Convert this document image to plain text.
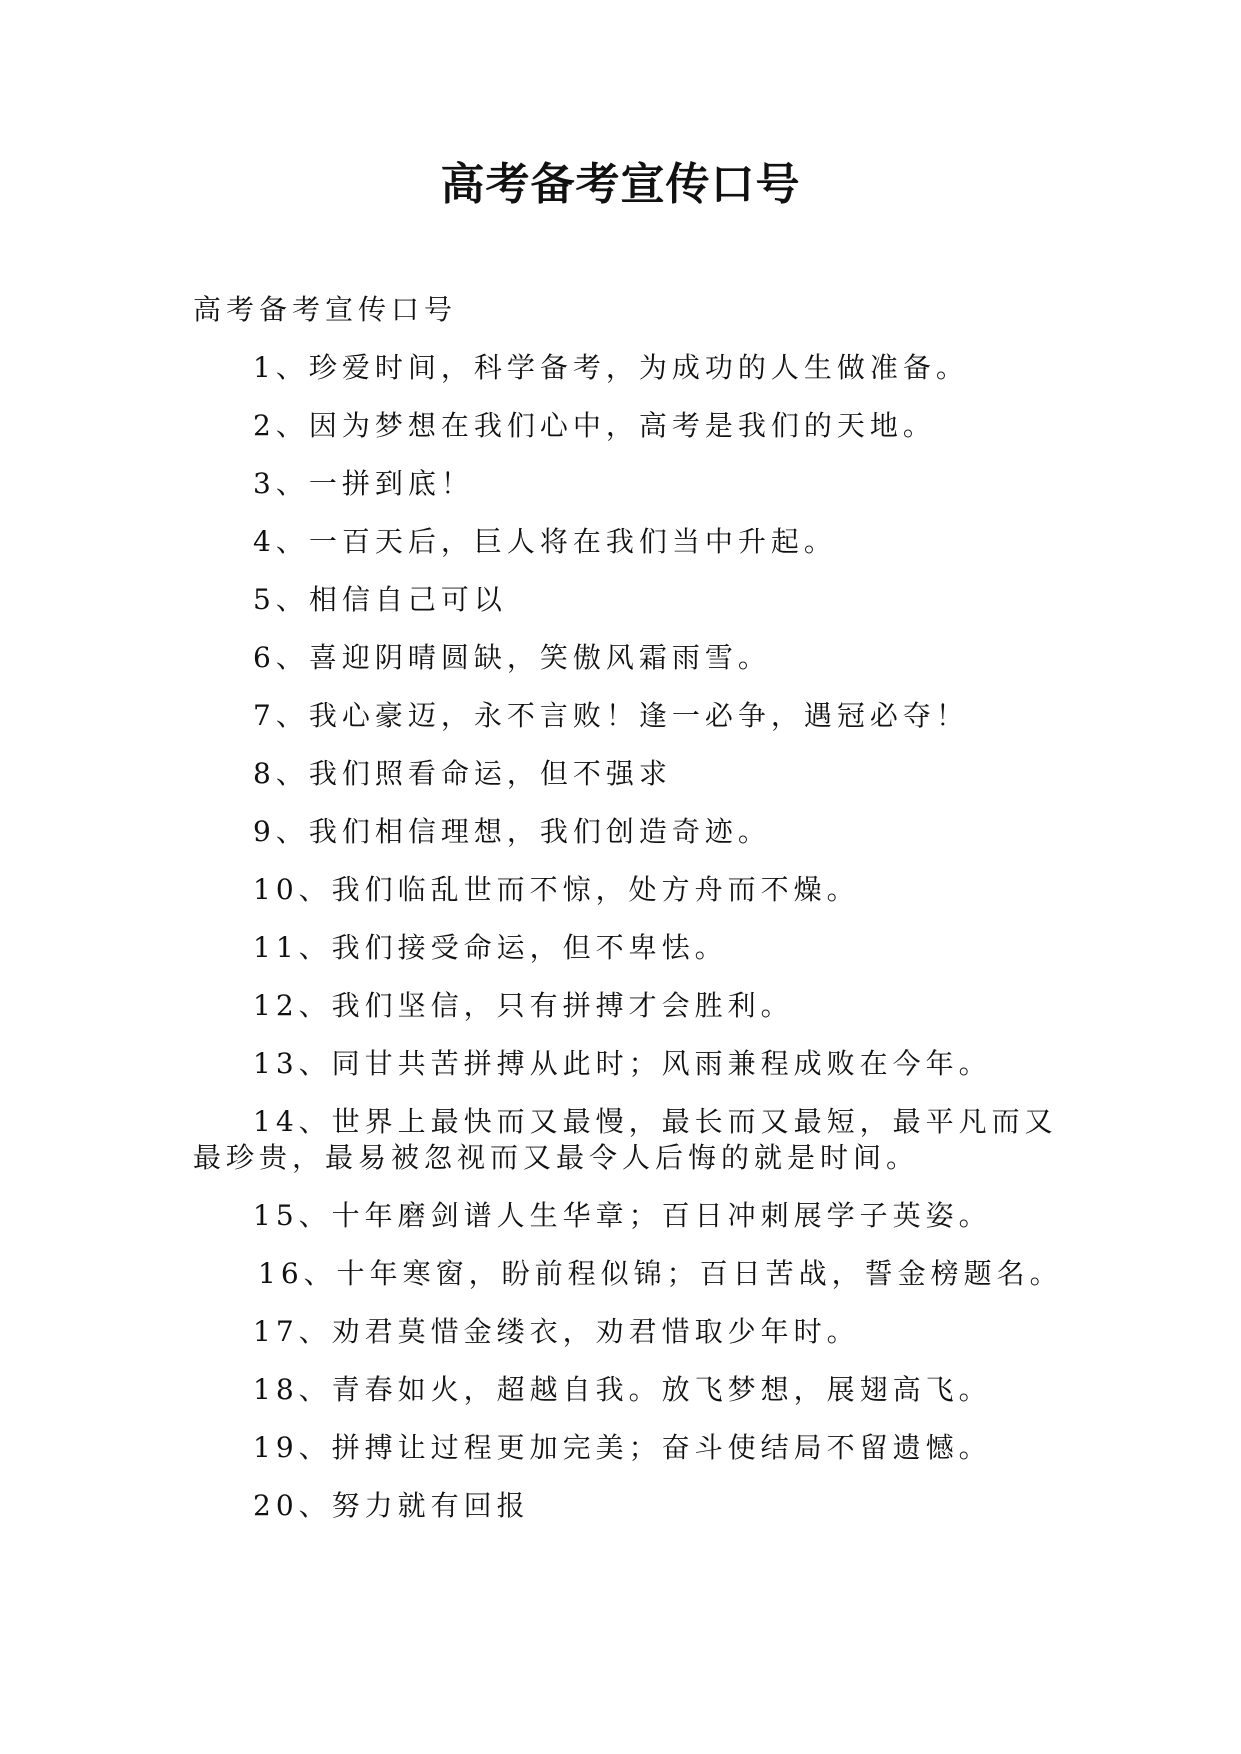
高考备考宣传口号

高考备考宣传口号

1、珍爱时间，科学备考，为成功的人生做准备。
2、因为梦想在我们心中，高考是我们的天地。
3、一拼到底！
4、一百天后，巨人将在我们当中升起。
5、相信自己可以
6、喜迎阴晴圆缺，笑傲风霜雨雪。
7、我心豪迈，永不言败！逢一必争，遇冠必夺！
8、我们照看命运，但不强求
9、我们相信理想，我们创造奇迹。
10、我们临乱世而不惊，处方舟而不燥。
11、我们接受命运，但不卑怯。
12、我们坚信，只有拼搏才会胜利。
13、同甘共苦拼搏从此时；风雨兼程成败在今年。
14、世界上最快而又最慢，最长而又最短，最平凡而又最珍贵，最易被忽视而又最令人后悔的就是时间。
15、十年磨剑谱人生华章；百日冲刺展学子英姿。
16、十年寒窗，盼前程似锦；百日苦战，誓金榜题名。
17、劝君莫惜金缕衣，劝君惜取少年时。
18、青春如火，超越自我。放飞梦想，展翅高飞。
19、拼搏让过程更加完美；奋斗使结局不留遗憾。
20、努力就有回报
